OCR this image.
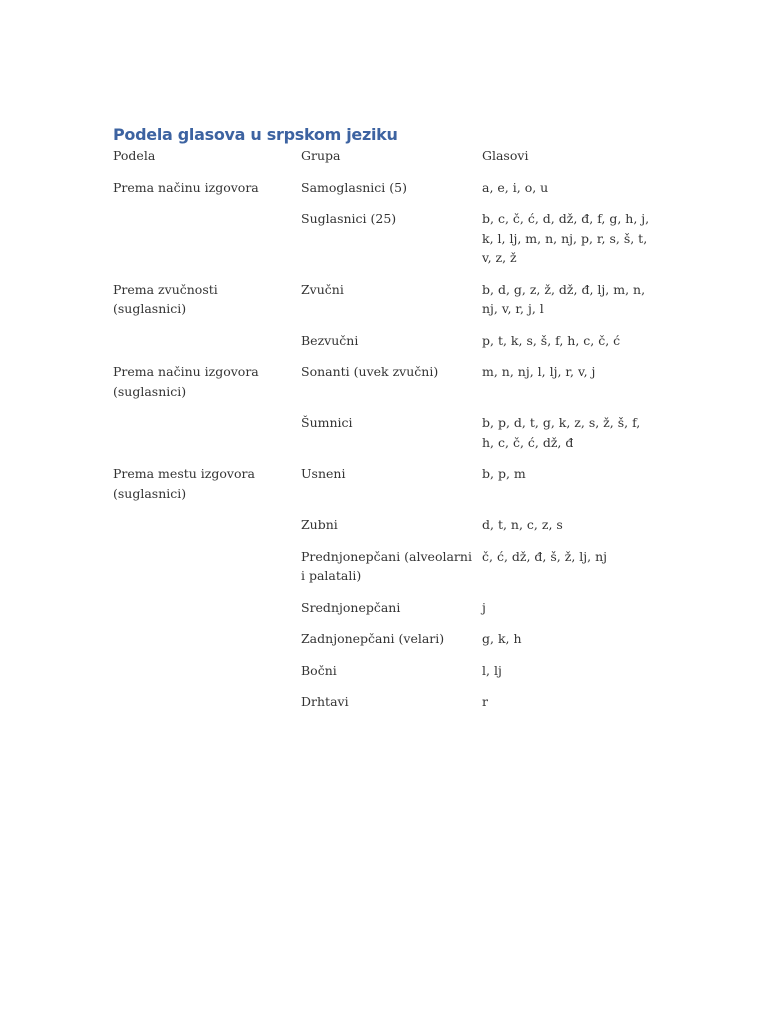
Podela glasova u srpskom jeziku
Podela	Grupa	Glasovi
Prema načinu izgovora	Samoglasnici (5)	a, e, i, o, u
	Suglasnici (25)	b, c, č, ć, d, dž, đ, f, g, h, j, k, l, lj, m, n, nj, p, r, s, š, t, v, z, ž
Prema zvučnosti (suglasnici)	Zvučni	b, d, g, z, ž, dž, đ, lj, m, n, nj, v, r, j, l
	Bezvučni	p, t, k, s, š, f, h, c, č, ć
Prema načinu izgovora (suglasnici)	Sonanti (uvek zvučni)	m, n, nj, l, lj, r, v, j
	Šumnici	b, p, d, t, g, k, z, s, ž, š, f, h, c, č, ć, dž, đ
Prema mestu izgovora (suglasnici)	Usneni	b, p, m
	Zubni	d, t, n, c, z, s
	Prednjonepčani (alveolarni i palatali)	č, ć, dž, đ, š, ž, lj, nj
	Srednjonepčani	j
	Zadnjonepčani (velari)	g, k, h
	Bočni	l, lj
	Drhtavi	r
